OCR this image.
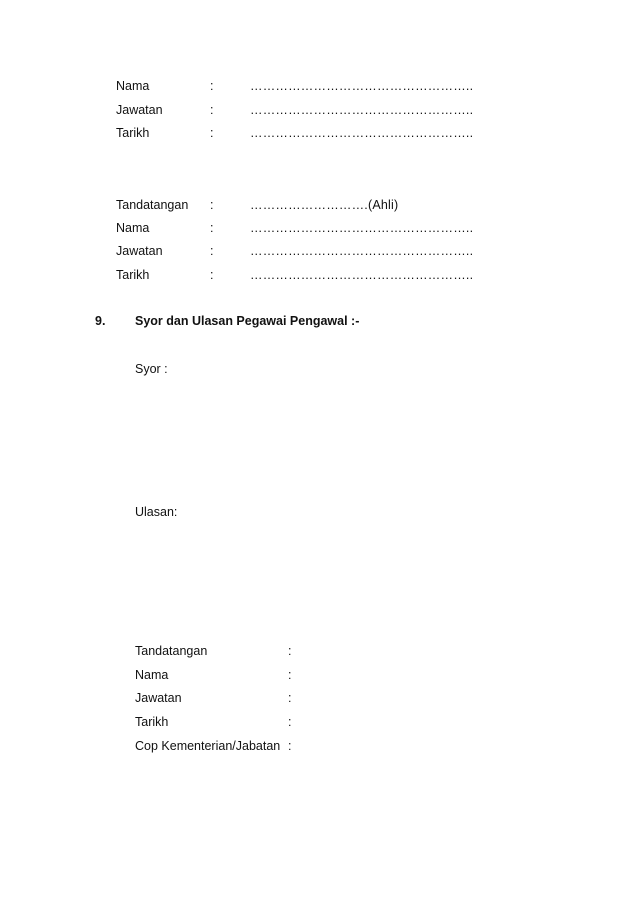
Nama	:	……………………………………………..
Jawatan	:	……………………………………………..
Tarikh	:	……………………………………………..
Tandatangan :	……………………….(Ahli)
Nama	:	……………………………………………..
Jawatan	:	……………………………………………..
Tarikh	:	……………………………………………..
9. Syor dan Ulasan Pegawai Pengawal :-
Syor :
Ulasan:
Tandatangan	:
Nama	:
Jawatan	:
Tarikh	:
Cop Kementerian/Jabatan :
